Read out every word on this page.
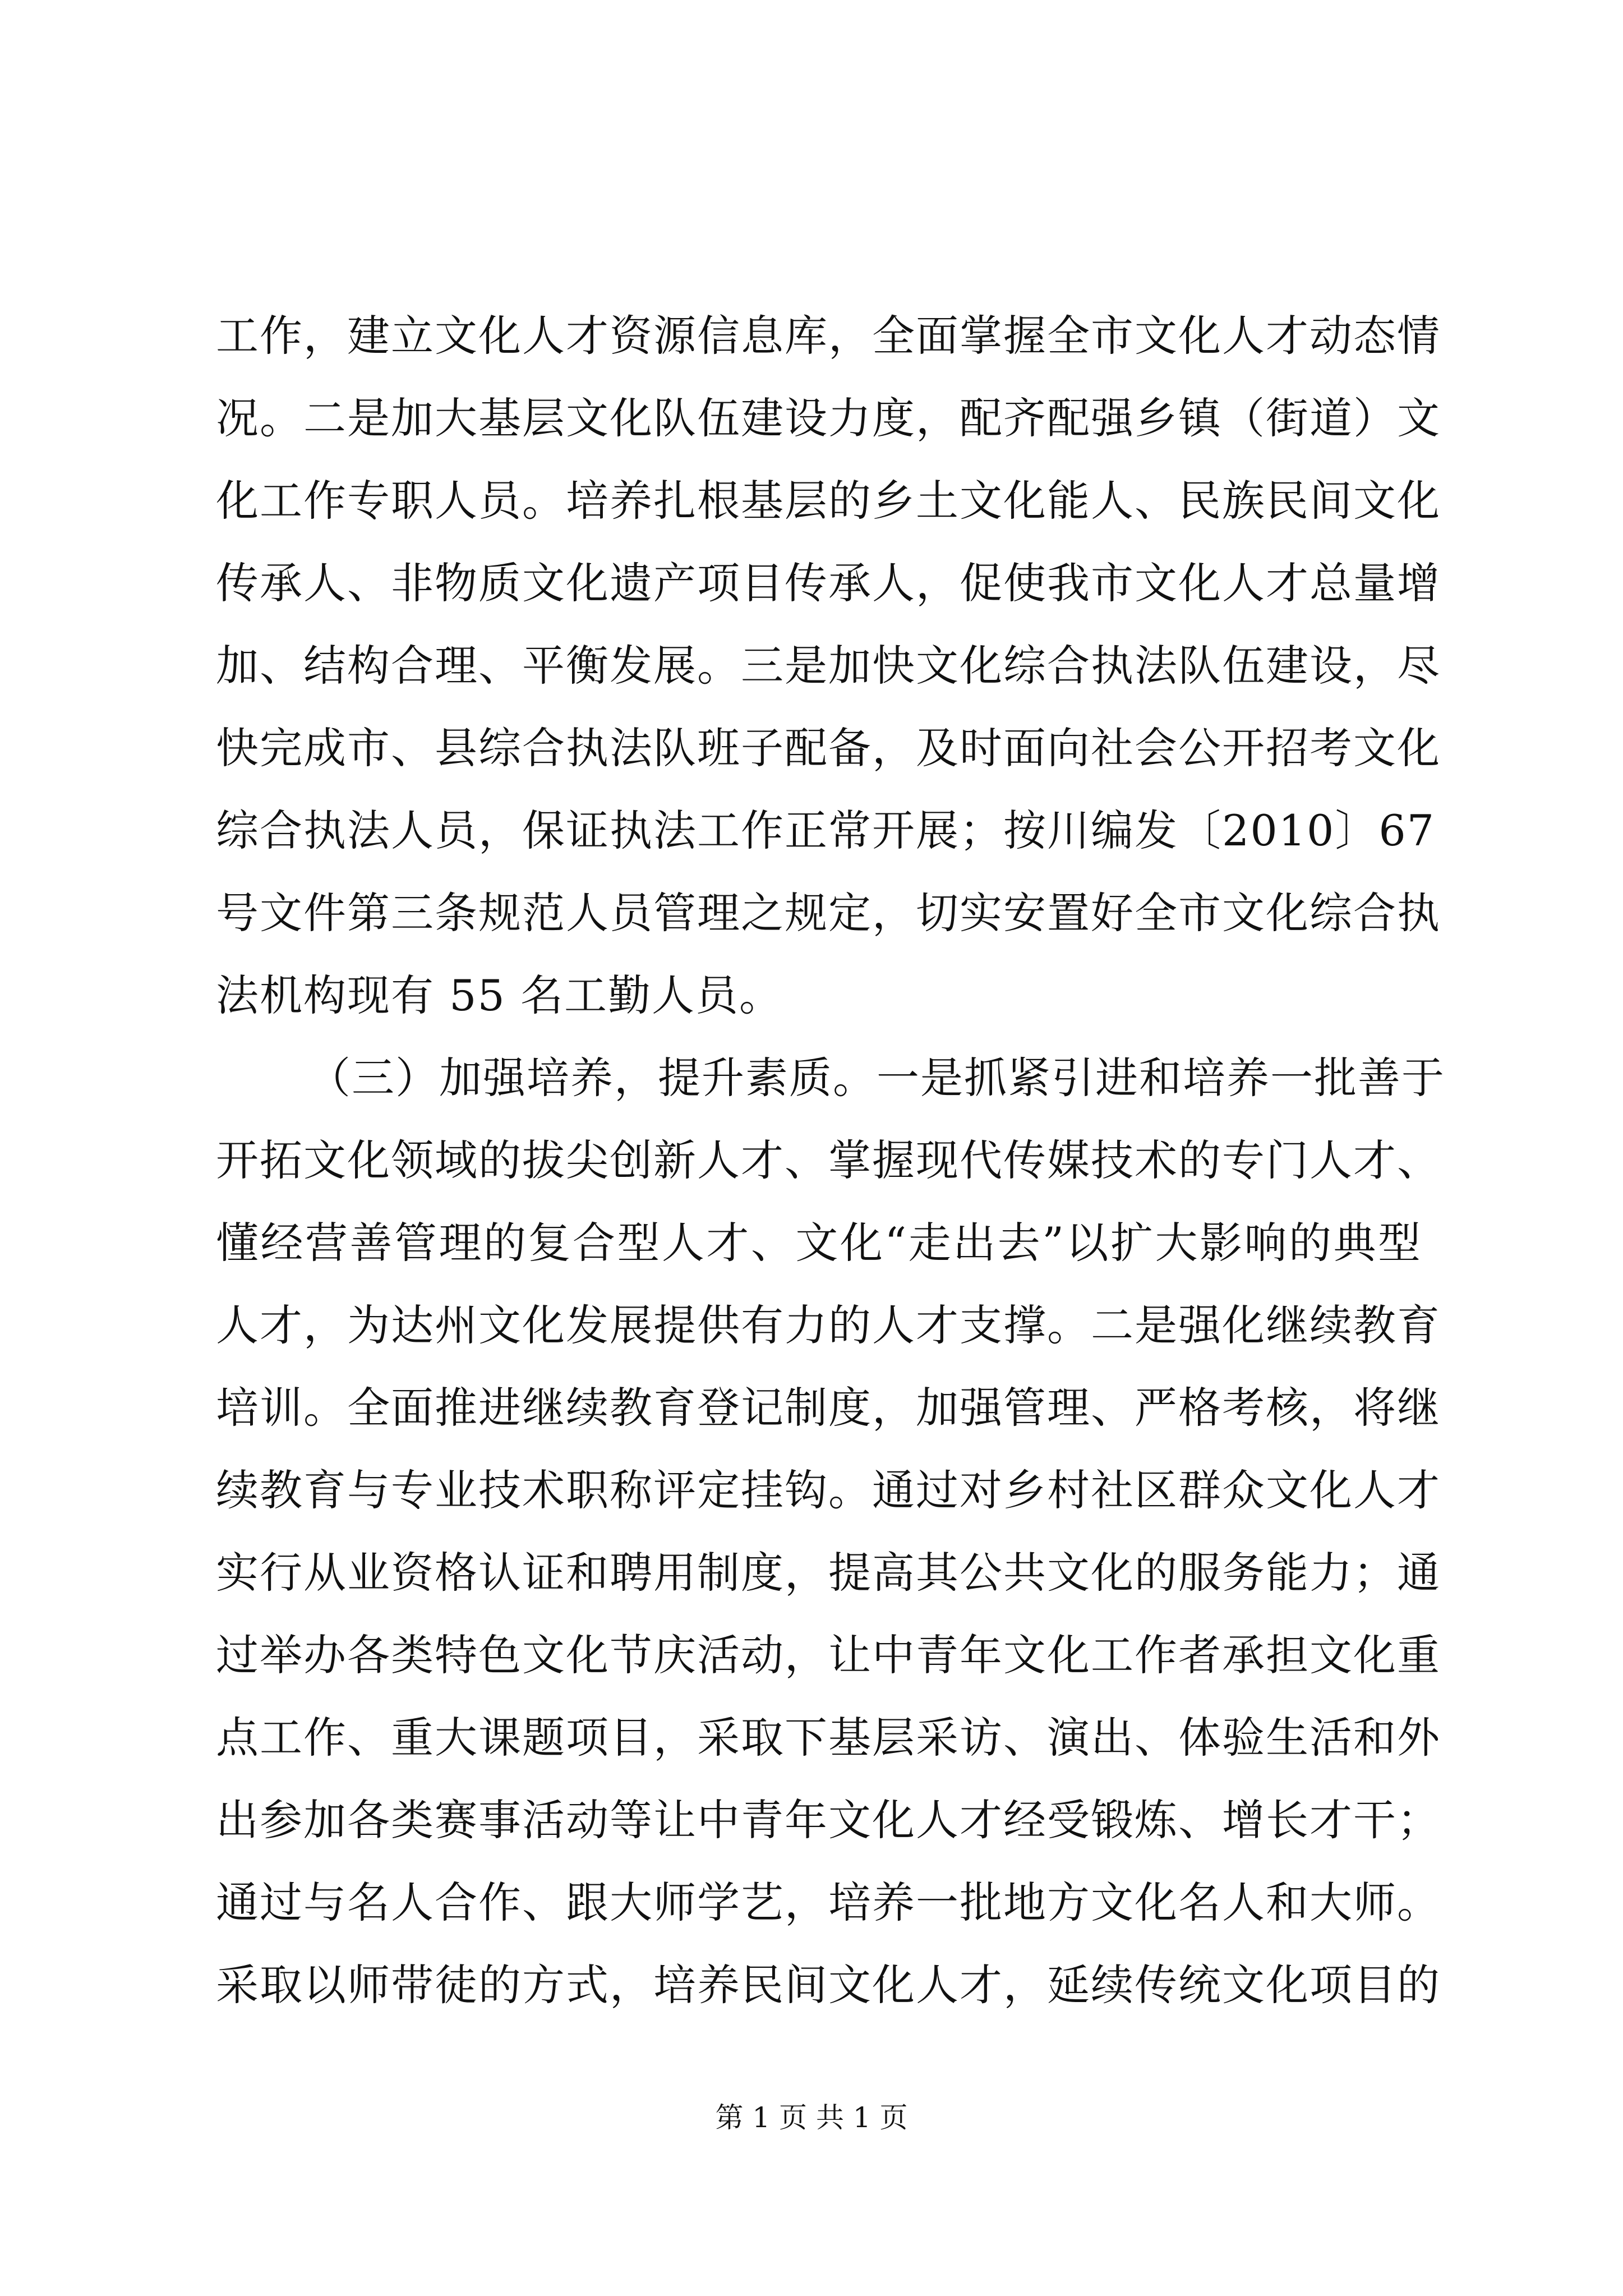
工作，建立文化人才资源信息库，全面掌握全市文化人才动态情
况。二是加大基层文化队伍建设力度，配齐配强乡镇（街道）文
化工作专职人员。培养扎根基层的乡土文化能人、民族民间文化
传承人、非物质文化遗产项目传承人，促使我市文化人才总量增
加、结构合理、平衡发展。三是加快文化综合执法队伍建设，尽
快完成市、县综合执法队班子配备，及时面向社会公开招考文化
综合执法人员，保证执法工作正常开展；按川编发〔2010〕67
号文件第三条规范人员管理之规定，切实安置好全市文化综合执
法机构现有 55 名工勤人员。
（三）加强培养，提升素质。一是抓紧引进和培养一批善于
开拓文化领域的拔尖创新人才、掌握现代传媒技术的专门人才、
懂经营善管理的复合型人才、文化“走出去”以扩大影响的典型
人才，为达州文化发展提供有力的人才支撑。二是强化继续教育
培训。全面推进继续教育登记制度，加强管理、严格考核，将继
续教育与专业技术职称评定挂钩。通过对乡村社区群众文化人才
实行从业资格认证和聘用制度，提高其公共文化的服务能力；通
过举办各类特色文化节庆活动，让中青年文化工作者承担文化重
点工作、重大课题项目，采取下基层采访、演出、体验生活和外
出参加各类赛事活动等让中青年文化人才经受锻炼、增长才干；
通过与名人合作、跟大师学艺，培养一批地方文化名人和大师。
采取以师带徒的方式，培养民间文化人才，延续传统文化项目的
第 1 页 共 1 页
